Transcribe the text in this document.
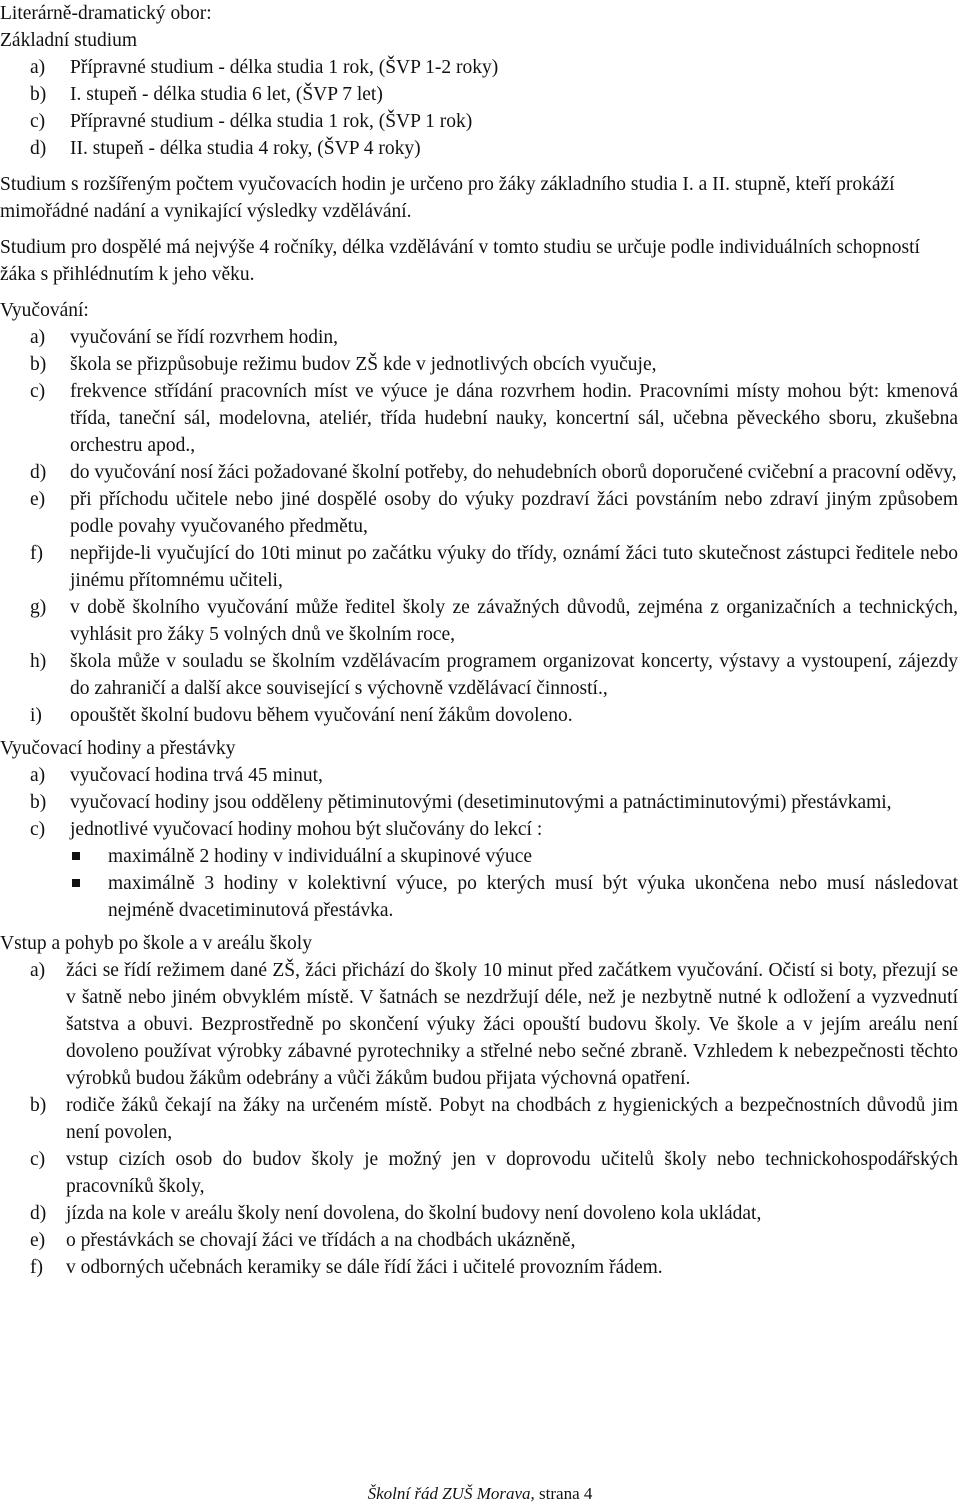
Literárně-dramatický obor:
Základní studium
a) Přípravné studium - délka studia 1 rok, (ŠVP 1-2 roky)
b) I. stupeň - délka studia 6 let, (ŠVP 7 let)
c) Přípravné studium - délka studia 1 rok, (ŠVP 1 rok)
d) II. stupeň - délka studia 4 roky, (ŠVP 4 roky)

Studium s rozšířeným počtem vyučovacích hodin je určeno pro žáky základního studia I. a II. stupně, kteří prokáží mimořádné nadání a vynikající výsledky vzdělávání.

Studium pro dospělé má nejvýše 4 ročníky, délka vzdělávání v tomto studiu se určuje podle individuálních schopností žáka s přihlédnutím k jeho věku.

Vyučování:
a) vyučování se řídí rozvrhem hodin,
b) škola se přizpůsobuje režimu budov ZŠ kde v jednotlivých obcích vyučuje,
c) frekvence střídání pracovních míst ve výuce je dána rozvrhem hodin. Pracovními místy mohou být: kmenová třída, taneční sál, modelovna, ateliér, třída hudební nauky, koncertní sál, učebna pěveckého sboru, zkušebna orchestru apod.,
d) do vyučování nosí žáci požadované školní potřeby, do nehudebních oborů doporučené cvičební a pracovní oděvy,
e) při příchodu učitele nebo jiné dospělé osoby do výuky pozdraví žáci povstáním nebo zdraví jiným způsobem podle povahy vyučovaného předmětu,
f) nepřijde-li vyučující do 10ti minut po začátku výuky do třídy, oznámí žáci tuto skutečnost zástupci ředitele nebo jinému přítomnému učiteli,
g) v době školního vyučování může ředitel školy ze závažných důvodů, zejména z organizačních a technických, vyhlásit pro žáky 5 volných dnů ve školním roce,
h) škola může v souladu se školním vzdělávacím programem organizovat koncerty, výstavy a vystoupení, zájezdy do zahraničí a další akce související s výchovně vzdělávací činností.,
i) opouštět školní budovu během vyučování není žákům dovoleno.
Vyučovací hodiny a přestávky
a) vyučovací hodina trvá 45 minut,
b) vyučovací hodiny jsou odděleny pětiminutovými (desetiminutovými a patnáctiminutovými) přestávkami,
c) jednotlivé vyučovací hodiny mohou být slučovány do lekcí :
maximálně 2 hodiny v individuální a skupinové výuce
maximálně 3 hodiny v kolektivní výuce, po kterých musí být výuka ukončena nebo musí následovat nejméně dvacetiminutová přestávka.
Vstup a pohyb po škole a v areálu školy
a) žáci se řídí režimem dané ZŠ, žáci přichází do školy 10 minut před začátkem vyučování. Očistí si boty, přezují se v šatně nebo jiném obvyklém místě. V šatnách se nezdržují déle, než je nezbytně nutné k odložení a vyzvednutí šatstva a obuvi. Bezprostředně po skončení výuky žáci opouští budovu školy. Ve škole a v jejím areálu není dovoleno používat výrobky zábavné pyrotechniky a střelné nebo sečné zbraně. Vzhledem k nebezpečnosti těchto výrobků budou žákům odebrány a vůči žákům budou přijata výchovná opatření.
b) rodiče žáků čekají na žáky na určeném místě. Pobyt na chodbách z hygienických a bezpečnostních důvodů jim není povolen,
c) vstup cizích osob do budov školy je možný jen v doprovodu učitelů školy nebo technickohospodářských pracovníků školy,
d) jízda na kole v areálu školy není dovolena, do školní budovy není dovoleno kola ukládat,
e) o přestávkách se chovají žáci ve třídách a na chodbách ukázněně,
f) v odborných učebnách keramiky se dále řídí žáci i učitelé provozním řádem.
Školní řád ZUŠ Morava, strana 4
